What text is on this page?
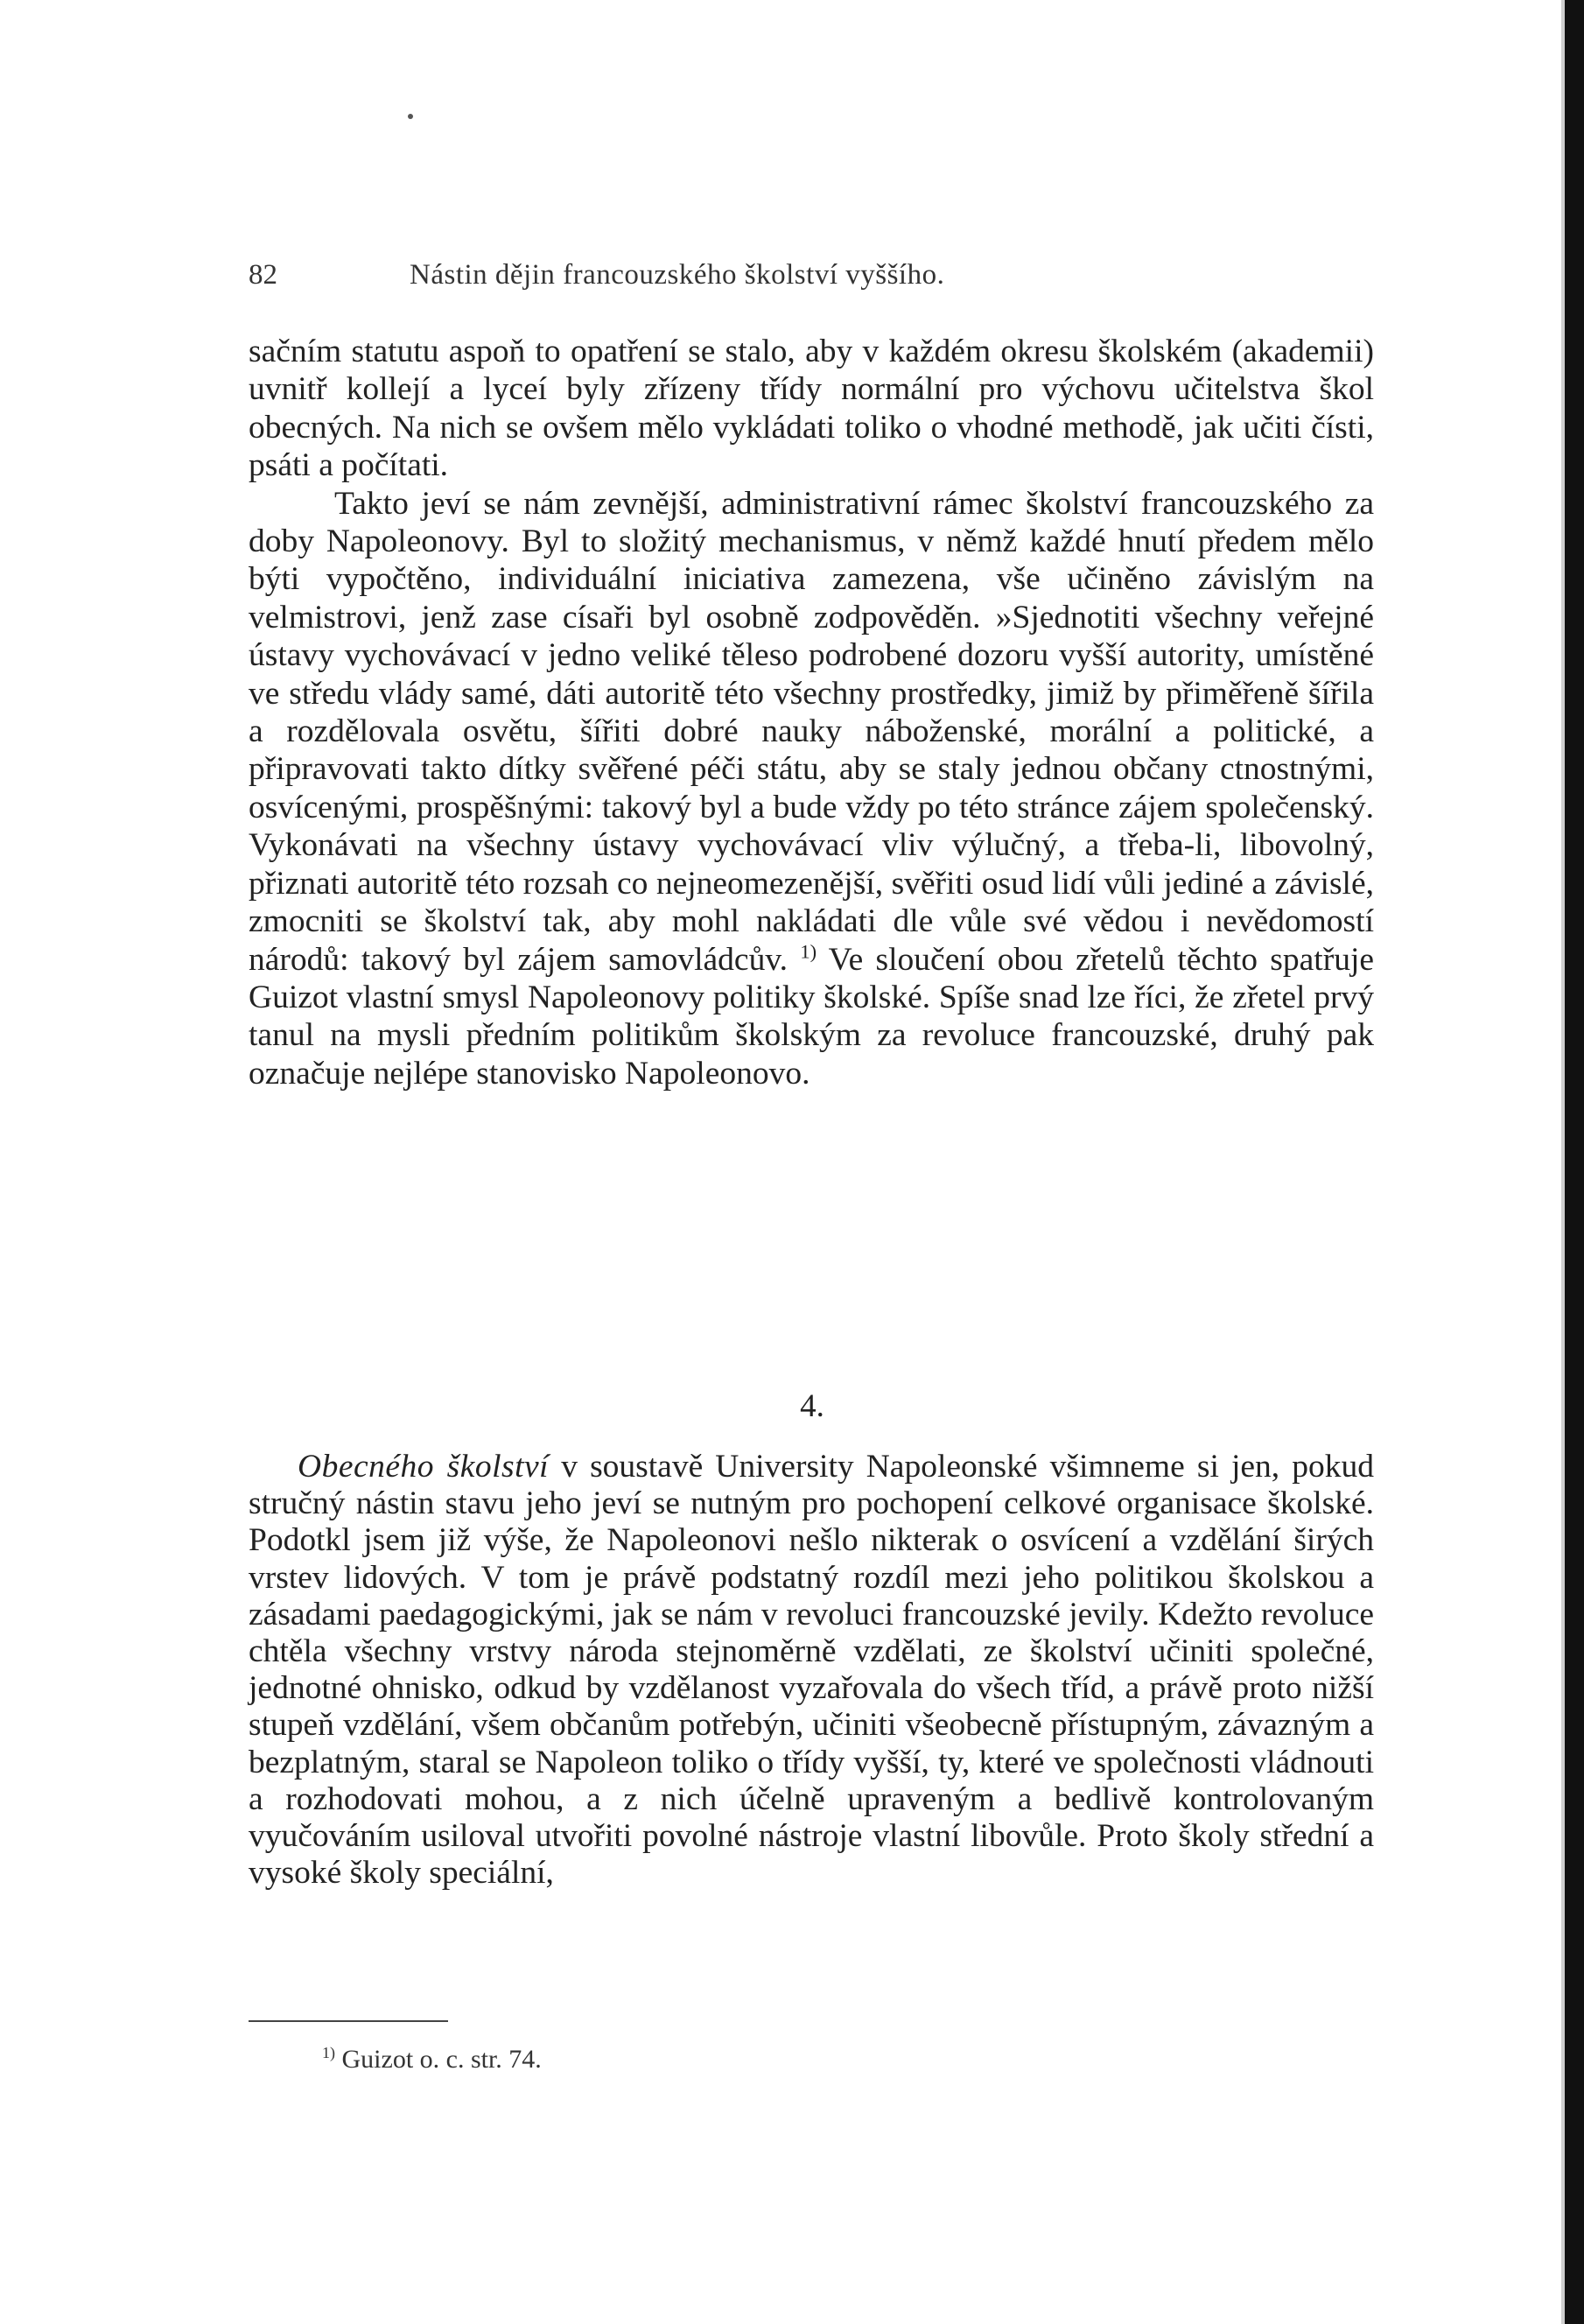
82	Nástin dějin francouzského školství vyššího.

sačním statutu aspoň to opatření se stalo, aby v každém okresu školském (akademii) uvnitř kollejí a lyceí byly zřízeny třídy normální pro výchovu učitelstva škol obecných. Na nich se ovšem mělo vykládati toliko o vhodné methodě, jak učiti čísti, psáti a počítati.

Takto jeví se nám zevnější, administrativní rámec školství francouzského za doby Napoleonovy. Byl to složitý mechanismus, v němž každé hnutí předem mělo býti vypočtěno, individuální iniciativa zamezena, vše učiněno závislým na velmistrovi, jenž zase císaři byl osobně zodpověděn. »Sjednotiti všechny veřejné ústavy vychovávací v jedno veliké těleso podrobené dozoru vyšší autority, umístěné ve středu vlády samé, dáti autoritě této všechny prostředky, jimiž by přiměřeně šířila a rozdělovala osvětu, šířiti dobré nauky náboženské, morální a politické, a připravovati takto dítky svěřené péči státu, aby se staly jednou občany ctnostnými, osvícenými, prospěšnými: takový byl a bude vždy po této stránce zájem společenský. Vykonávati na všechny ústavy vychovávací vliv výlučný, a třeba-li, libovolný, přiznati autoritě této rozsah co nejneomezenější, svěřiti osud lidí vůli jediné a závislé, zmocniti se školství tak, aby mohl nakládati dle vůle své vědou i nevědomostí národů: takový byl zájem samovládcův. $^{1)}$ Ve sloučení obou zřetelů těchto spatřuje Guizot vlastní smysl Napoleonovy politiky školské. Spíše snad lze říci, že zřetel prvý tanul na mysli předním politikům školským za revoluce francouzské, druhý pak označuje nejlépe stanovisko Napoleonovo.

4.

Obecného školství v soustavě University Napoleonské všimneme si jen, pokud stručný nástin stavu jeho jeví se nutným pro pochopení celkové organisace školské. Podotkl jsem již výše, že Napoleonovi nešlo nikterak o osvícení a vzdělání širých vrstev lidových. V tom je právě podstatný rozdíl mezi jeho politikou školskou a zásadami paedagogickými, jak se nám v revoluci francouzské jevily. Kdežto revoluce chtěla všechny vrstvy národa stejnoměrně vzdělati, ze školství učiniti společné, jednotné ohnisko, odkud by vzdělanost vyzařovala do všech tříd, a právě proto nižší stupeň vzdělání, všem občanům potřebýn, učiniti všeobecně přístupným, závazným a bezplatným, staral se Napoleon toliko o třídy vyšší, ty, které ve společnosti vládnouti a rozhodovati mohou, a z nich účelně upraveným a bedlivě kontrolovaným vyučováním usiloval utvořiti povolné nástroje vlastní libovůle. Proto školy střední a vysoké školy speciální,

$^{1)}$ Guizot o. c. str. 74.
